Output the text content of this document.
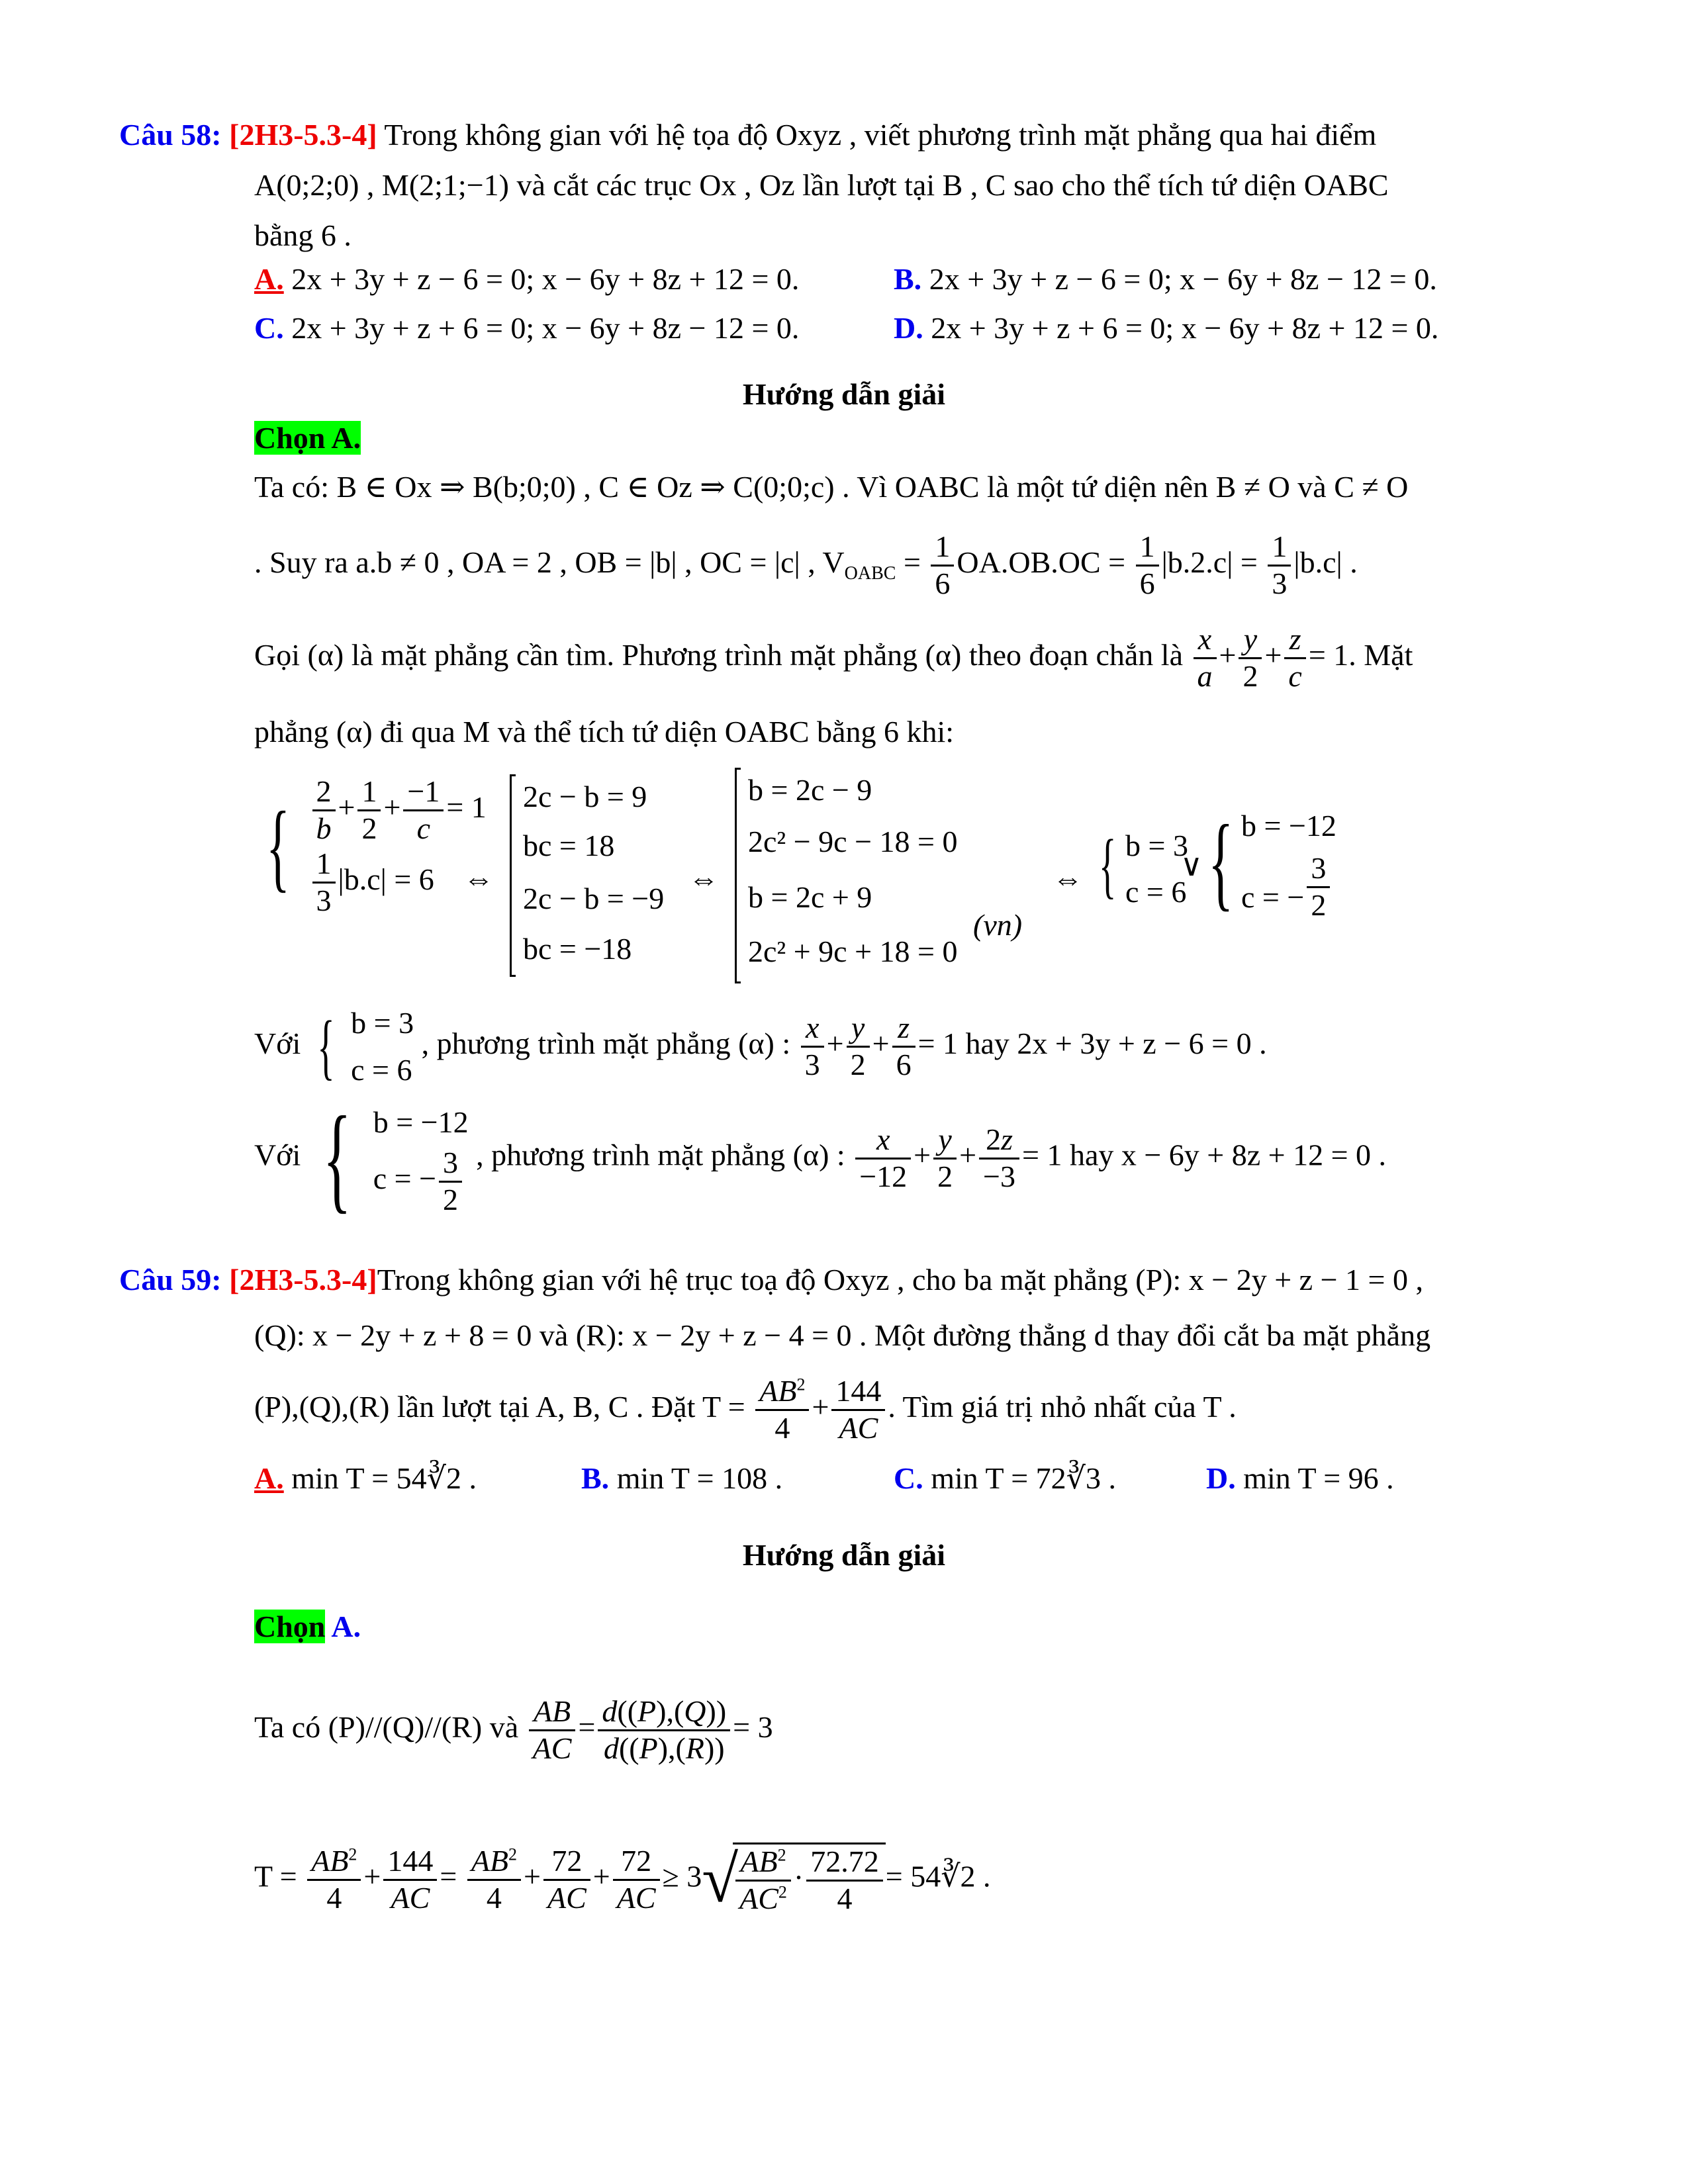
Câu 58: [2H3-5.3-4] Trong không gian với hệ tọa độ Oxyz , viết phương trình mặt phẳng qua hai điểm
A(0;2;0) , M(2;1;−1) và cắt các trục Ox , Oz lần lượt tại B , C sao cho thể tích tứ diện OABC
bằng 6 .
A. 2x + 3y + z − 6 = 0; x − 6y + 8z + 12 = 0.	B. 2x + 3y + z − 6 = 0; x − 6y + 8z − 12 = 0.
C. 2x + 3y + z + 6 = 0; x − 6y + 8z − 12 = 0.	D. 2x + 3y + z + 6 = 0; x − 6y + 8z + 12 = 0.
Hướng dẫn giải
Chọn A.
Ta có: B ∈ Ox ⇒ B(b;0;0) , C ∈ Oz ⇒ C(0;0;c) . Vì OABC là một tứ diện nên B ≠ O và C ≠ O
. Suy ra a.b ≠ 0 , OA = 2 , OB = |b| , OC = |c| , $V_{OABC} = \frac{1}{6} OA.OB.OC = \frac{1}{6} |b.2.c| = \frac{1}{3} |b.c|$ .
Gọi (α) là mặt phẳng cần tìm. Phương trình mặt phẳng (α) theo đoạn chắn là $\frac{x}{a} + \frac{y}{2} + \frac{z}{c} = 1$. Mặt
phẳng (α) đi qua M và thể tích tứ diện OABC bằng 6 khi:
{ $\frac{2}{b} + \frac{1}{2} + \frac{-1}{c} = 1$
$\frac{1}{3} |b.c| = 6$ ⇔
2c − b = 9
bc = 18
2c − b = −9
bc = −18
⇔
b = 2c − 9
2c² − 9c − 18 = 0
b = 2c + 9
2c² + 9c + 18 = 0
(vn)
⇔ { b = 3
c = 6
∨ { b = −12
c = − $\frac{3}{2}$
Với { b = 3
c = 6
, phương trình mặt phẳng (α) : $\frac{x}{3} + \frac{y}{2} + \frac{z}{6} = 1$ hay 2x + 3y + z − 6 = 0 .
Với { b = −12
c = − $\frac{3}{2}$ , phương trình mặt phẳng (α) : $\frac{x}{-12} + \frac{y}{2} + \frac{2z}{-3} = 1$ hay x − 6y + 8z + 12 = 0 .
Câu 59: [2H3-5.3-4]Trong không gian với hệ trục toạ độ Oxyz , cho ba mặt phẳng (P): x − 2y + z − 1 = 0 ,
(Q): x − 2y + z + 8 = 0 và (R): x − 2y + z − 4 = 0 . Một đường thẳng d thay đổi cắt ba mặt phẳng
(P),(Q),(R) lần lượt tại A, B, C . Đặt $T = \frac{AB^2}{4} + \frac{144}{AC}$ . Tìm giá trị nhỏ nhất của T .
A. min T = 54∛2 .	B. min T = 108 .	C. min T = 72∛3 .	D. min T = 96 .
Hướng dẫn giải
Chọn A.
Ta có (P)//(Q)//(R) và $\frac{AB}{AC} = \frac{d((P),(Q))}{d((P),(R))} = 3$
$T = \frac{AB^2}{4} + \frac{144}{AC} = \frac{AB^2}{4} + \frac{72}{AC} + \frac{72}{AC} \ge 3√$
$\frac{AB^2}{AC^2} \cdot \frac{72.72}{4}$ = 54∛2 .
